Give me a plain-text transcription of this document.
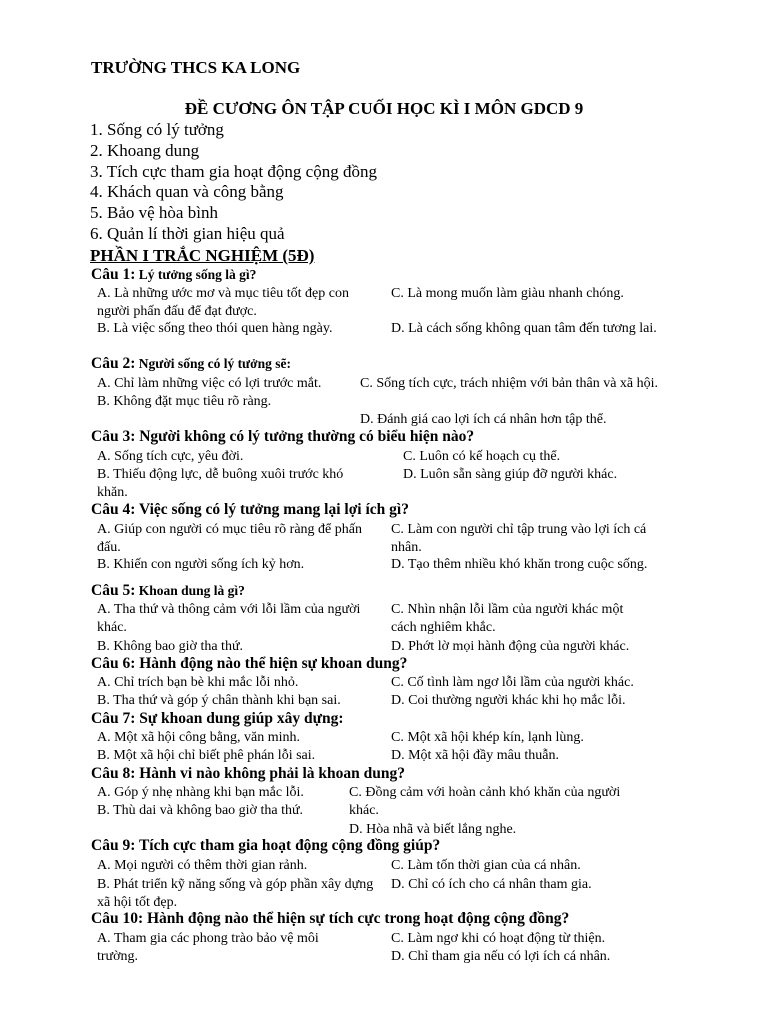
TRƯỜNG THCS KA LONG
ĐỀ CƯƠNG ÔN TẬP CUỐI HỌC KÌ I MÔN GDCD 9
1. Sống có lý tưởng
2. Khoang dung
3. Tích cực tham gia hoạt động cộng đồng
4. Khách quan và công bằng
5. Bảo vệ hòa bình
6. Quản lí thời gian hiệu quả
PHẦN I TRẮC NGHIỆM (5Đ)
Câu 1: Lý tưởng sống là gì?
A. Là những ước mơ và mục tiêu tốt đẹp con người phấn đấu để đạt được.
B. Là việc sống theo thói quen hàng ngày.
C. Là mong muốn làm giàu nhanh chóng.
D. Là cách sống không quan tâm đến tương lai.
Câu 2: Người sống có lý tưởng sẽ:
A. Chỉ làm những việc có lợi trước mắt.
B. Không đặt mục tiêu rõ ràng.
C. Sống tích cực, trách nhiệm với bản thân và xã hội.
D. Đánh giá cao lợi ích cá nhân hơn tập thể.
Câu 3: Người không có lý tưởng thường có biểu hiện nào?
A. Sống tích cực, yêu đời.
B. Thiếu động lực, dễ buông xuôi trước khó khăn.
C. Luôn có kế hoạch cụ thể.
D. Luôn sẵn sàng giúp đỡ người khác.
Câu 4: Việc sống có lý tưởng mang lại lợi ích gì?
A. Giúp con người có mục tiêu rõ ràng để phấn đấu.
B. Khiến con người sống ích kỷ hơn.
C. Làm con người chỉ tập trung vào lợi ích cá nhân.
D. Tạo thêm nhiều khó khăn trong cuộc sống.
Câu 5: Khoan dung là gì?
A. Tha thứ và thông cảm với lỗi lầm của người khác.
B. Không bao giờ tha thứ.
C. Nhìn nhận lỗi lầm của người khác một cách nghiêm khắc.
D. Phớt lờ mọi hành động của người khác.
Câu 6: Hành động nào thể hiện sự khoan dung?
A. Chỉ trích bạn bè khi mắc lỗi nhỏ.
B. Tha thứ và góp ý chân thành khi bạn sai.
C. Cố tình làm ngơ lỗi lầm của người khác.
D. Coi thường người khác khi họ mắc lỗi.
Câu 7: Sự khoan dung giúp xây dựng:
A. Một xã hội công bằng, văn minh.
B. Một xã hội chỉ biết phê phán lỗi sai.
C. Một xã hội khép kín, lạnh lùng.
D. Một xã hội đầy mâu thuẫn.
Câu 8: Hành vi nào không phải là khoan dung?
A. Góp ý nhẹ nhàng khi bạn mắc lỗi.
B. Thù dai và không bao giờ tha thứ.
C. Đồng cảm với hoàn cảnh khó khăn của người khác.
D. Hòa nhã và biết lắng nghe.
Câu 9: Tích cực tham gia hoạt động cộng đồng giúp?
A. Mọi người có thêm thời gian rảnh.
B. Phát triển kỹ năng sống và góp phần xây dựng xã hội tốt đẹp.
C. Làm tốn thời gian của cá nhân.
D. Chỉ có ích cho cá nhân tham gia.
Câu 10: Hành động nào thể hiện sự tích cực trong hoạt động cộng đồng?
A. Tham gia các phong trào bảo vệ môi trường.
C. Làm ngơ khi có hoạt động từ thiện.
D. Chỉ tham gia nếu có lợi ích cá nhân.
